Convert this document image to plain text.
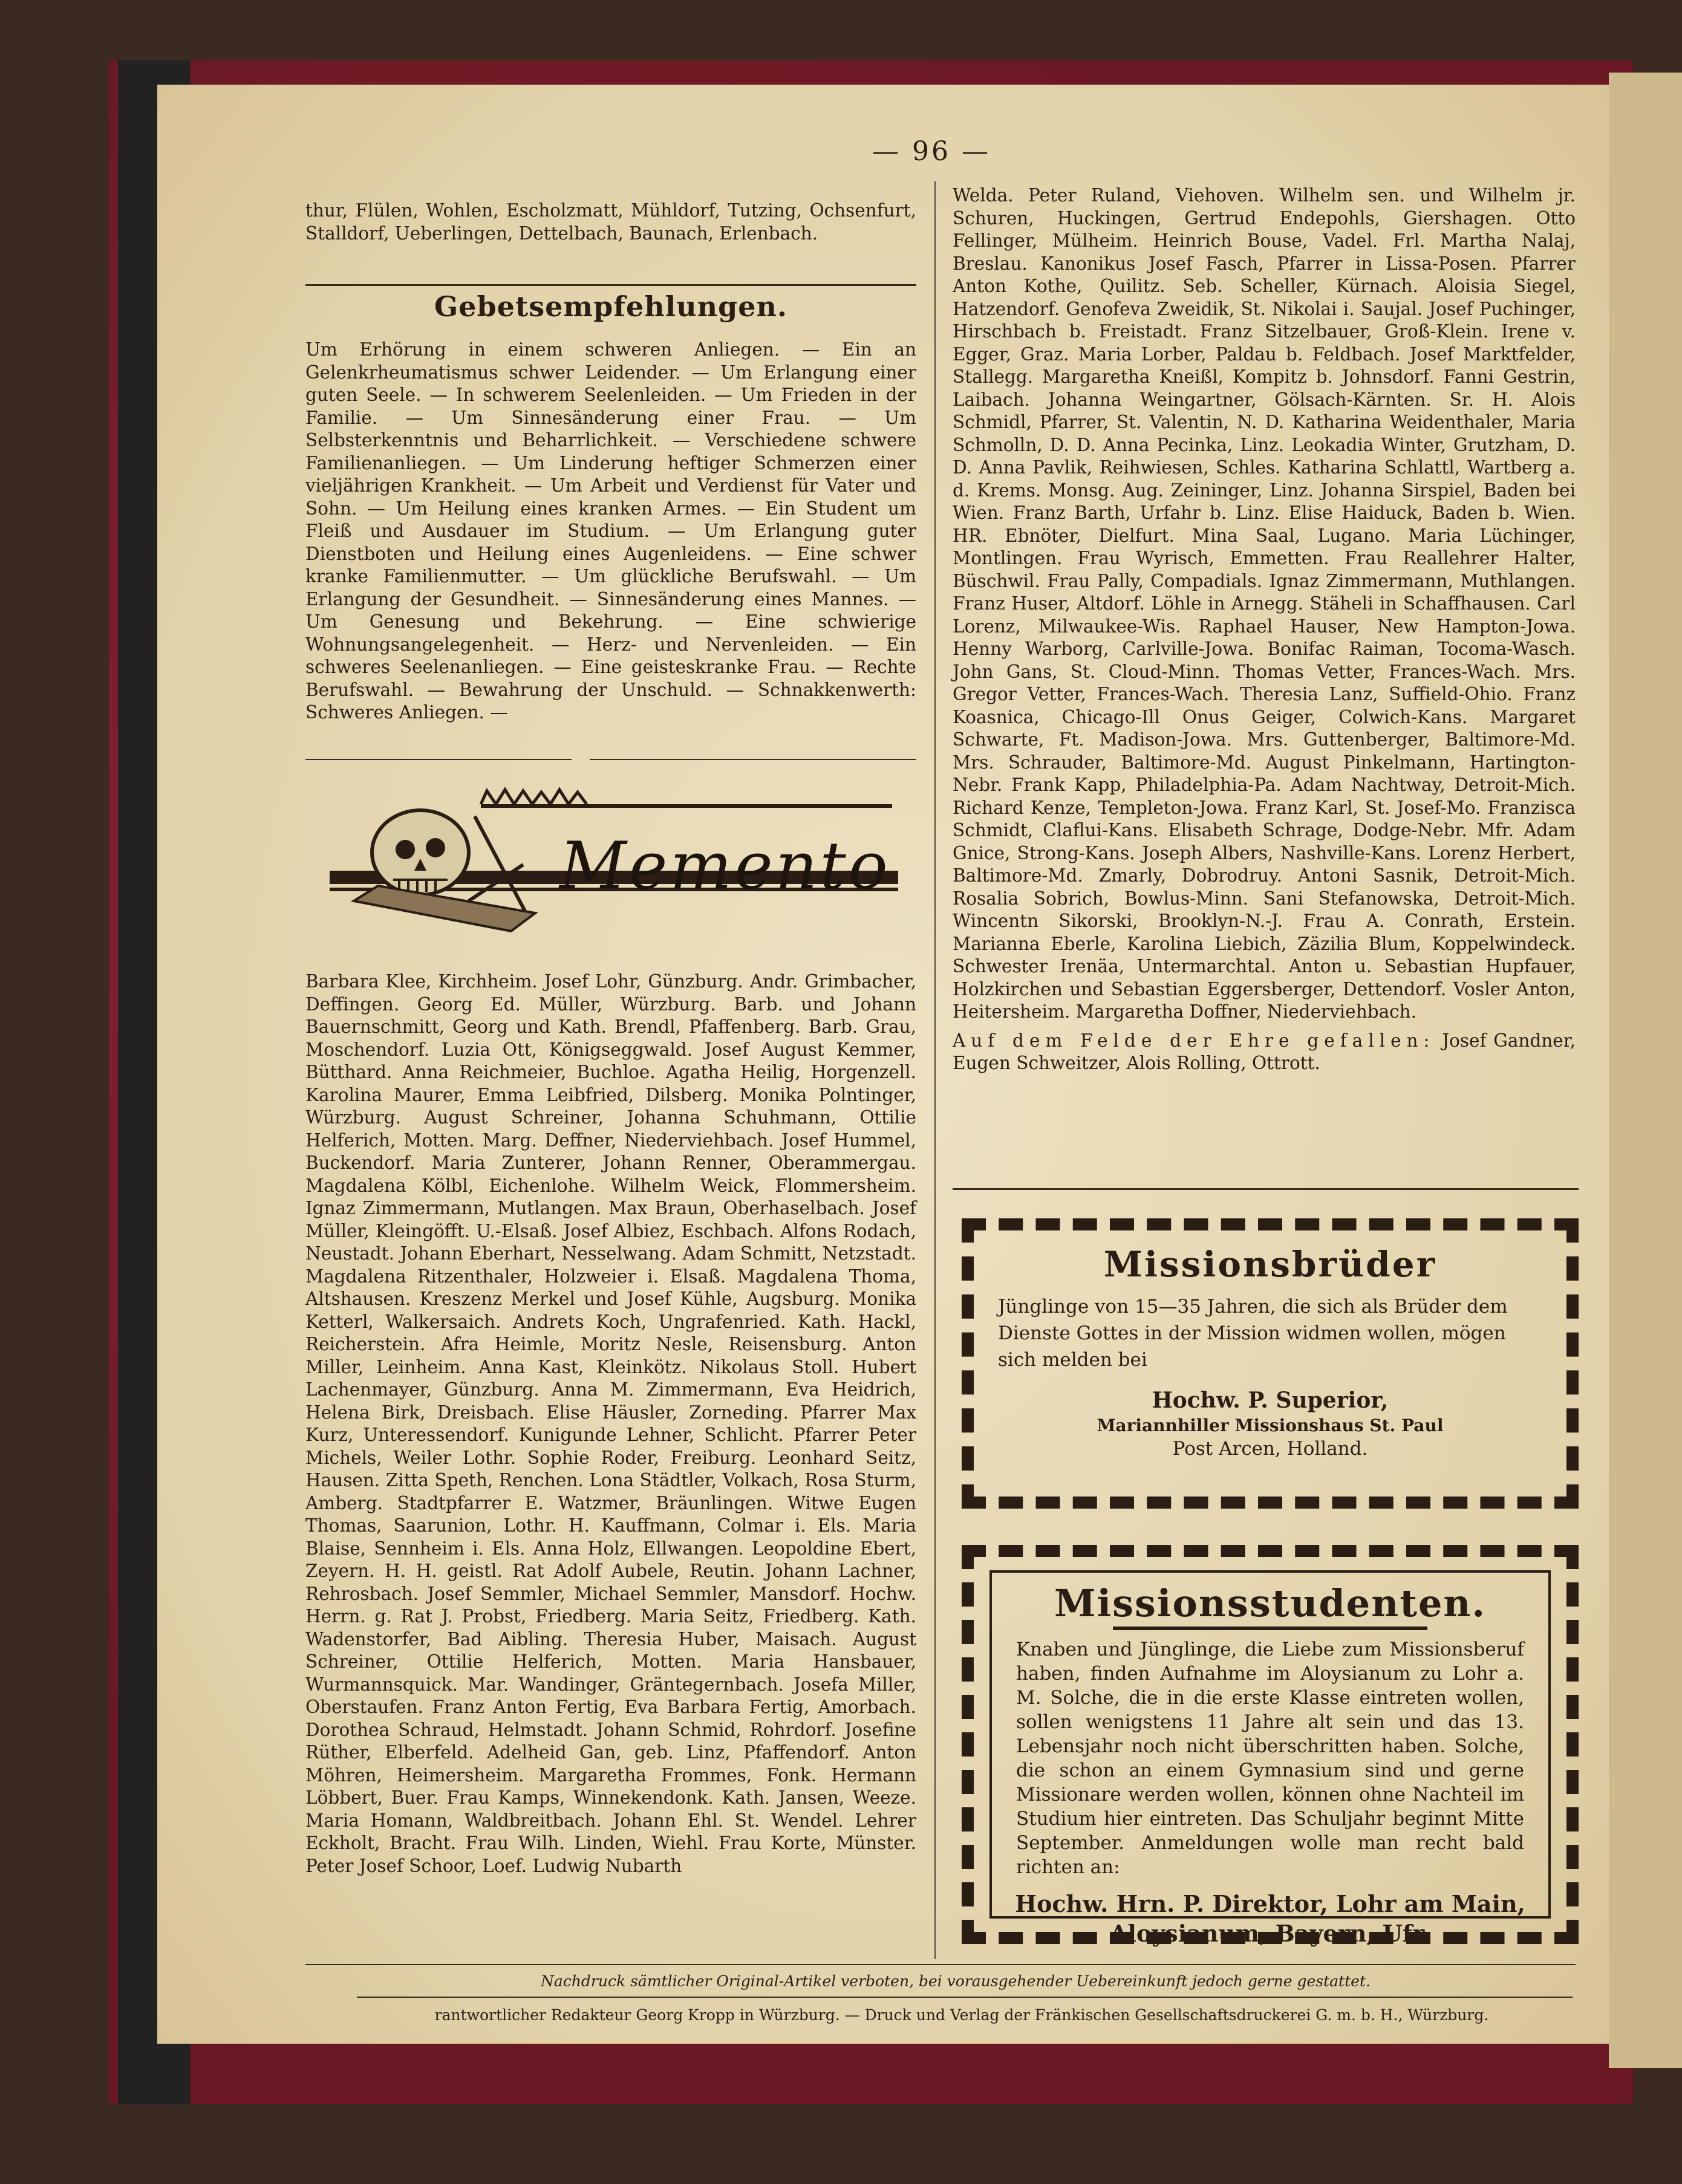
— 96 —

thur, Flülen, Wohlen, Escholzmatt, Mühldorf, Tutzing, Ochsenfurt, Stalldorf, Ueberlingen, Dettelbach, Baunach, Erlenbach.

Gebetsempfehlungen.

Um Erhörung in einem schweren Anliegen. — Ein an Gelenkrheumatismus schwer Leidender. — Um Erlangung einer guten Seele. — In schwerem Seelenleiden. — Um Frieden in der Familie. — Um Sinnesänderung einer Frau. — Um Selbsterkenntnis und Beharrlichkeit. — Verschiedene schwere Familienanliegen. — Um Linderung heftiger Schmerzen einer vieljährigen Krankheit. — Um Arbeit und Verdienst für Vater und Sohn. — Um Heilung eines kranken Armes. — Ein Student um Fleiß und Ausdauer im Studium. — Um Erlangung guter Dienstboten und Heilung eines Augenleidens. — Eine schwer kranke Familienmutter. — Um glückliche Berufswahl. — Um Erlangung der Gesundheit. — Sinnesänderung eines Mannes. — Um Genesung und Bekehrung. — Eine schwierige Wohnungsangelegenheit. — Herz- und Nervenleiden. — Ein schweres Seelenanliegen. — Eine geisteskranke Frau. — Rechte Berufswahl. — Bewahrung der Unschuld. — Schnakkenwerth: Schweres Anliegen. —

Memento

Barbara Klee, Kirchheim. Josef Lohr, Günzburg. Andr. Grimbacher, Deffingen. Georg Ed. Müller, Würzburg. Barb. und Johann Bauernschmitt, Georg und Kath. Brendl, Pfaffenberg. Barb. Grau, Moschendorf. Luzia Ott, Königseggwald. Josef August Kemmer, Bütthard. Anna Reichmeier, Buchloe. Agatha Heilig, Horgenzell. Karolina Maurer, Emma Leibfried, Dilsberg. Monika Polntinger, Würzburg. August Schreiner, Johanna Schuhmann, Ottilie Helferich, Motten. Marg. Deffner, Niederviehbach. Josef Hummel, Buckendorf. Maria Zunterer, Johann Renner, Oberammergau. Magdalena Kölbl, Eichenlohe. Wilhelm Weick, Flommersheim. Ignaz Zimmermann, Mutlangen. Max Braun, Oberhaselbach. Josef Müller, Kleingöfft. U.-Elsaß. Josef Albiez, Eschbach. Alfons Rodach, Neustadt. Johann Eberhart, Nesselwang. Adam Schmitt, Netzstadt. Magdalena Ritzenthaler, Holzweier i. Elsaß. Magdalena Thoma, Altshausen. Kreszenz Merkel und Josef Kühle, Augsburg. Monika Ketterl, Walkersaich. Andrets Koch, Ungrafenried. Kath. Hackl, Reicherstein. Afra Heimle, Moritz Nesle, Reisensburg. Anton Miller, Leinheim. Anna Kast, Kleinkötz. Nikolaus Stoll. Hubert Lachenmayer, Günzburg. Anna M. Zimmermann, Eva Heidrich, Helena Birk, Dreisbach. Elise Häusler, Zorneding. Pfarrer Max Kurz, Unteressendorf. Kunigunde Lehner, Schlicht. Pfarrer Peter Michels, Weiler Lothr. Sophie Roder, Freiburg. Leonhard Seitz, Hausen. Zitta Speth, Renchen. Lona Städtler, Volkach, Rosa Sturm, Amberg. Stadtpfarrer E. Watzmer, Bräunlingen. Witwe Eugen Thomas, Saarunion, Lothr. H. Kauffmann, Colmar i. Els. Maria Blaise, Sennheim i. Els. Anna Holz, Ellwangen. Leopoldine Ebert, Zeyern. H. H. geistl. Rat Adolf Aubele, Reutin. Johann Lachner, Rehrosbach. Josef Semmler, Michael Semmler, Mansdorf. Hochw. Herrn. g. Rat J. Probst, Friedberg. Maria Seitz, Friedberg. Kath. Wadenstorfer, Bad Aibling. Theresia Huber, Maisach. August Schreiner, Ottilie Helferich, Motten. Maria Hansbauer, Wurmannsquick. Mar. Wandinger, Gräntegernbach. Josefa Miller, Oberstaufen. Franz Anton Fertig, Eva Barbara Fertig, Amorbach. Dorothea Schraud, Helmstadt. Johann Schmid, Rohrdorf. Josefine Rüther, Elberfeld. Adelheid Gan, geb. Linz, Pfaffendorf. Anton Möhren, Heimersheim. Margaretha Frommes, Fonk. Hermann Löbbert, Buer. Frau Kamps, Winnekendonk. Kath. Jansen, Weeze. Maria Homann, Waldbreitbach. Johann Ehl. St. Wendel. Lehrer Eckholt, Bracht. Frau Wilh. Linden, Wiehl. Frau Korte, Münster. Peter Josef Schoor, Loef. Ludwig Nubarth

Welda. Peter Ruland, Viehoven. Wilhelm sen. und Wilhelm jr. Schuren, Huckingen, Gertrud Endepohls, Giershagen. Otto Fellinger, Mülheim. Heinrich Bouse, Vadel. Frl. Martha Nalaj, Breslau. Kanonikus Josef Fasch, Pfarrer in Lissa-Posen. Pfarrer Anton Kothe, Quilitz. Seb. Scheller, Kürnach. Aloisia Siegel, Hatzendorf. Genofeva Zweidik, St. Nikolai i. Saujal. Josef Puchinger, Hirschbach b. Freistadt. Franz Sitzelbauer, Groß-Klein. Irene v. Egger, Graz. Maria Lorber, Paldau b. Feldbach. Josef Marktfelder, Stallegg. Margaretha Kneißl, Kompitz b. Johnsdorf. Fanni Gestrin, Laibach. Johanna Weingartner, Gölsach-Kärnten. Sr. H. Alois Schmidl, Pfarrer, St. Valentin, N. D. Katharina Weidenthaler, Maria Schmolln, D. D. Anna Pecinka, Linz. Leokadia Winter, Grutzham, D. D. Anna Pavlik, Reihwiesen, Schles. Katharina Schlattl, Wartberg a. d. Krems. Monsg. Aug. Zeininger, Linz. Johanna Sirspiel, Baden bei Wien. Franz Barth, Urfahr b. Linz. Elise Haiduck, Baden b. Wien. HR. Ebnöter, Dielfurt. Mina Saal, Lugano. Maria Lüchinger, Montlingen. Frau Wyrisch, Emmetten. Frau Reallehrer Halter, Büschwil. Frau Pally, Compadials. Ignaz Zimmermann, Muthlangen. Franz Huser, Altdorf. Löhle in Arnegg. Stäheli in Schaffhausen. Carl Lorenz, Milwaukee-Wis. Raphael Hauser, New Hampton-Jowa. Henny Warborg, Carlville-Jowa. Bonifac Raiman, Tocoma-Wasch. John Gans, St. Cloud-Minn. Thomas Vetter, Frances-Wach. Mrs. Gregor Vetter, Frances-Wach. Theresia Lanz, Suffield-Ohio. Franz Koasnica, Chicago-Ill Onus Geiger, Colwich-Kans. Margaret Schwarte, Ft. Madison-Jowa. Mrs. Guttenberger, Baltimore-Md. Mrs. Schrauder, Baltimore-Md. August Pinkelmann, Hartington-Nebr. Frank Kapp, Philadelphia-Pa. Adam Nachtway, Detroit-Mich. Richard Kenze, Templeton-Jowa. Franz Karl, St. Josef-Mo. Franzisca Schmidt, Claflui-Kans. Elisabeth Schrage, Dodge-Nebr. Mfr. Adam Gnice, Strong-Kans. Joseph Albers, Nashville-Kans. Lorenz Herbert, Baltimore-Md. Zmarly, Dobrodruy. Antoni Sasnik, Detroit-Mich. Rosalia Sobrich, Bowlus-Minn. Sani Stefanowska, Detroit-Mich. Wincentn Sikorski, Brooklyn-N.-J. Frau A. Conrath, Erstein. Marianna Eberle, Karolina Liebich, Zäzilia Blum, Koppelwindeck. Schwester Irenäa, Untermarchtal. Anton u. Sebastian Hupfauer, Holzkirchen und Sebastian Eggersberger, Dettendorf. Vosler Anton, Heitersheim. Margaretha Doffner, Niederviehbach.

Auf dem Felde der Ehre gefallen: Josef Gandner, Eugen Schweitzer, Alois Rolling, Ottrott.

Missionsbrüder
Jünglinge von 15—35 Jahren, die sich als Brüder dem Dienste Gottes in der Mission widmen wollen, mögen sich melden bei
Hochw. P. Superior,
Mariannhiller Missionshaus St. Paul
Post Arcen, Holland.
Missionsstudenten.
Knaben und Jünglinge, die Liebe zum Missionsberuf haben, finden Aufnahme im Aloysianum zu Lohr a. M. Solche, die in die erste Klasse eintreten wollen, sollen wenigstens 11 Jahre alt sein und das 13. Lebensjahr noch nicht überschritten haben. Solche, die schon an einem Gymnasium sind und gerne Missionare werden wollen, können ohne Nachteil im Studium hier eintreten. Das Schuljahr beginnt Mitte September. Anmeldungen wolle man recht bald richten an:
Hochw. Hrn. P. Direktor, Lohr am Main,
Aloysianum, Bayern, Ufr.
Nachdruck sämtlicher Original-Artikel verboten, bei vorausgehender Uebereinkunft jedoch gerne gestattet.
rantwortlicher Redakteur Georg Kropp in Würzburg. — Druck und Verlag der Fränkischen Gesellschaftsdruckerei G. m. b. H., Würzburg.
